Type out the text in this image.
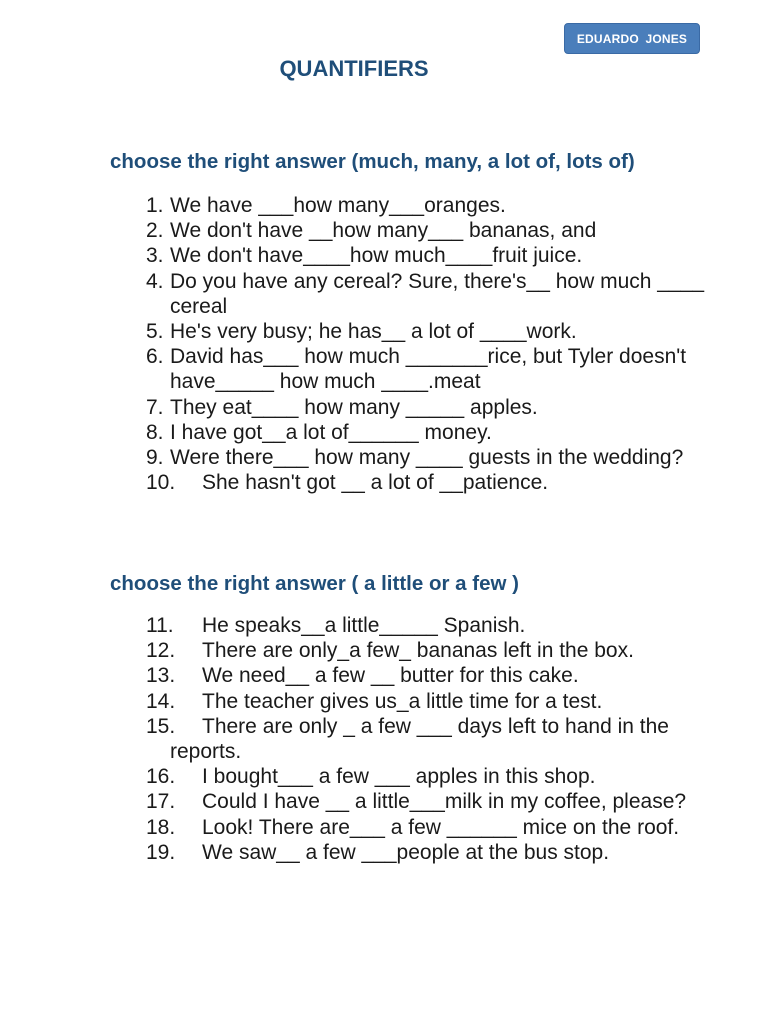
EDUARDO JONES
QUANTIFIERS
choose the right answer (much, many, a lot of, lots of)
1. We have ___how many___oranges.
2. We don't have __how many___ bananas, and
3. We don't have____how much____fruit juice.
4. Do you have any cereal? Sure, there's__ how much ____ cereal
5. He's very busy; he has__ a lot of ____work.
6. David has___ how much _______rice, but Tyler doesn't have_____ how much ____.meat
7. They eat____ how many _____ apples.
8. I have got__a lot of______ money.
9. Were there___ how many ____ guests in the wedding?
10.	She hasn't got __ a lot of __patience.
choose the right answer ( a little or a few )
11.	He speaks__a little_____ Spanish.
12.	There are only_a few_ bananas left in the box.
13.	We need__ a few __ butter for this cake.
14.	The teacher gives us_a little time for a test.
15.	There are only _ a few ___ days left to hand in the reports.
16.	I bought___ a few ___ apples in this shop.
17.	Could I have __ a little___milk in my coffee, please?
18.	Look! There are___ a few ______ mice on the roof.
19.	We saw__ a few ___people at the bus stop.
